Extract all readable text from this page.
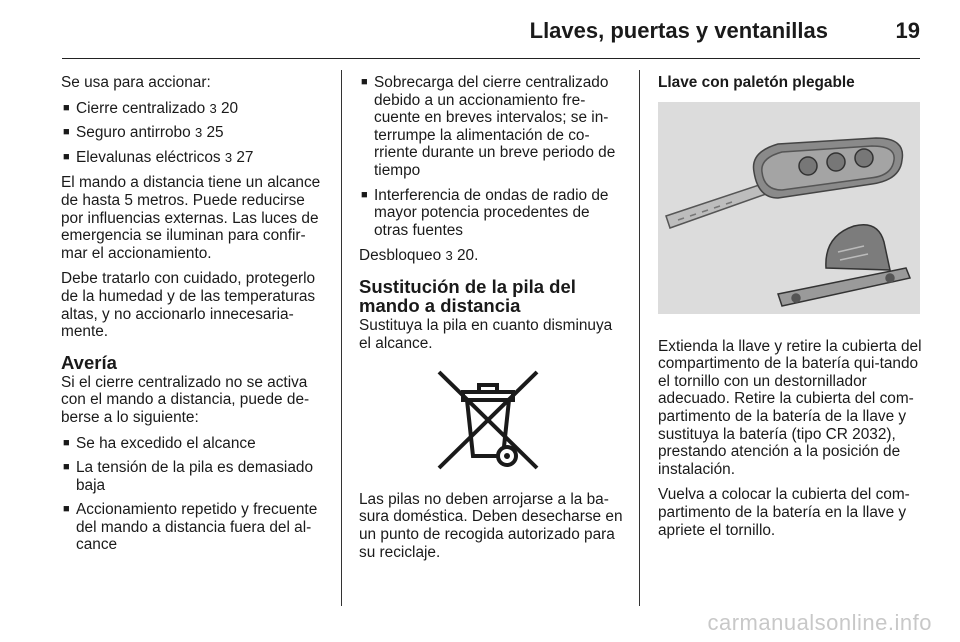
Llaves, puertas y ventanillas	19

Se usa para accionar:

■ Cierre centralizado 3 20
■ Seguro antirrobo 3 25
■ Elevalunas eléctricos 3 27

El mando a distancia tiene un alcance de hasta 5 metros. Puede reducirse por influencias externas. Las luces de emergencia se iluminan para confir-mar el accionamiento.

Debe tratarlo con cuidado, protegerlo de la humedad y de las temperaturas altas, y no accionarlo innecesaria-mente.

Avería

Si el cierre centralizado no se activa con el mando a distancia, puede de-berse a lo siguiente:

■ Se ha excedido el alcance
■ La tensión de la pila es demasiado baja
■ Accionamiento repetido y frecuente del mando a distancia fuera del al-cance
■ Sobrecarga del cierre centralizado debido a un accionamiento fre-cuente en breves intervalos; se in-terrumpe la alimentación de co-rriente durante un breve periodo de tiempo
■ Interferencia de ondas de radio de mayor potencia procedentes de otras fuentes

Desbloqueo 3 20.

Sustitución de la pila del mando a distancia

Sustituya la pila en cuanto disminuya el alcance.

Las pilas no deben arrojarse a la ba-sura doméstica. Deben desecharse en un punto de recogida autorizado para su reciclaje.

Llave con paletón plegable

Extienda la llave y retire la cubierta del compartimento de la batería qui-tando el tornillo con un destornillador adecuado. Retire la cubierta del com-partimento de la batería de la llave y sustituya la batería (tipo CR 2032), prestando atención a la posición de instalación.

Vuelva a colocar la cubierta del com-partimento de la batería en la llave y apriete el tornillo.

carmanualsonline.info
